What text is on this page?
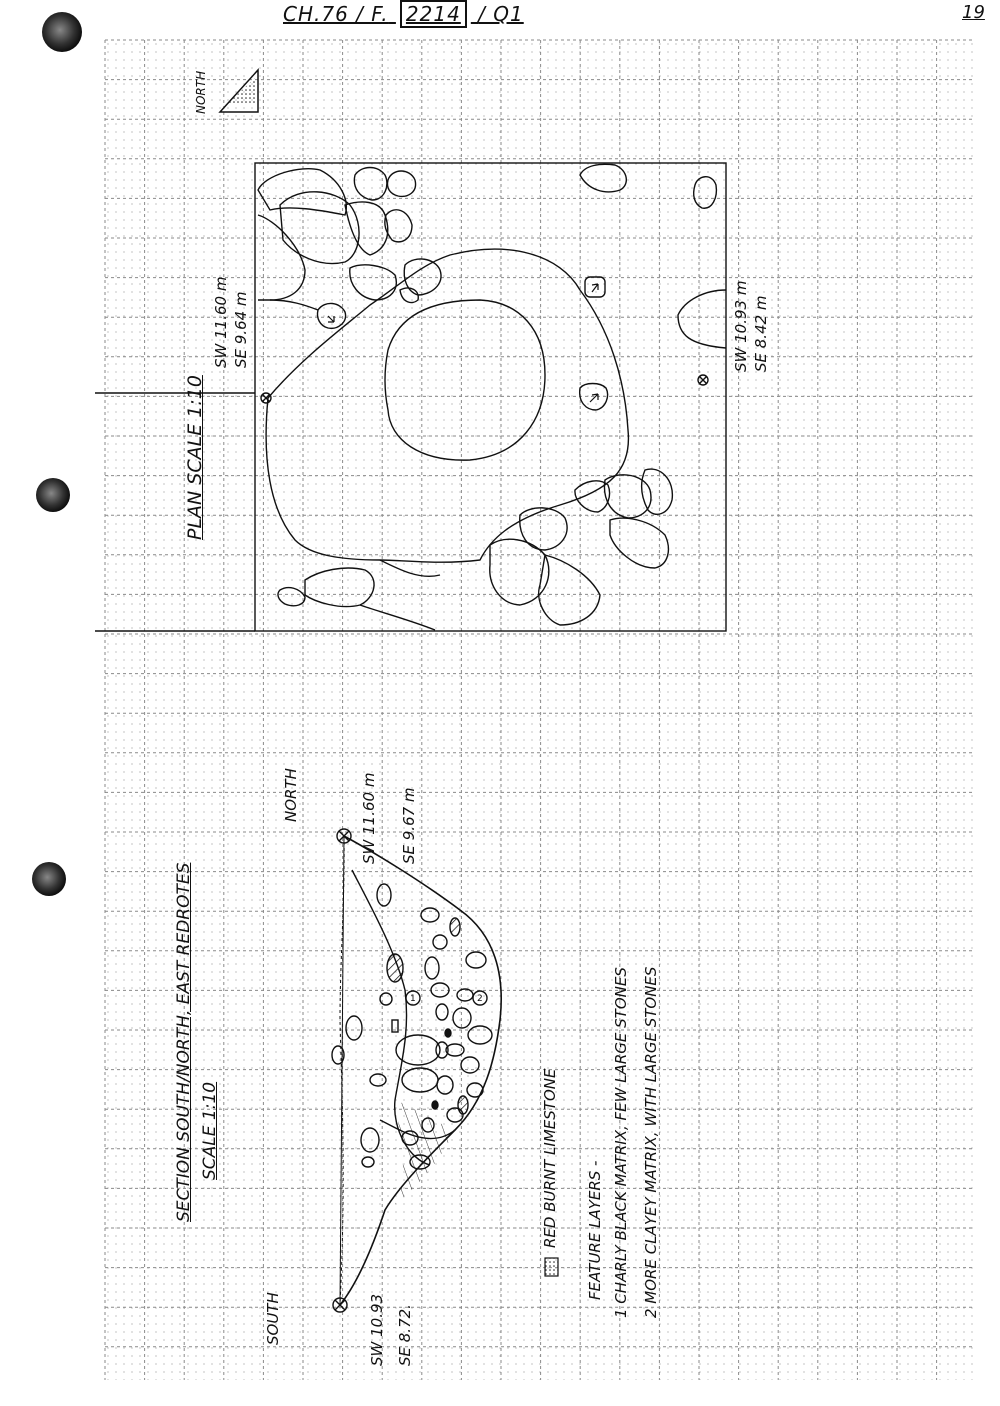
CH.76 / F. 2214 / Q1	19
1	2
NORTH
PLAN SCALE 1:10
SW 11.60 m SE 9.64 m	SW 10.93 m SE 8.42 m
SECTION SOUTH/NORTH, EAST REDROTES SCALE 1:10
NORTH
SOUTH
SW 11.60 m SE 9.67 m
SW 10.93 SE 8.72.
RED BURNT LIMESTONE FEATURE LAYERS - 1 CHARLY BLACK MATRIX, FEW LARGE STONES 2 MORE CLAYEY MATRIX, WITH LARGE STONES
